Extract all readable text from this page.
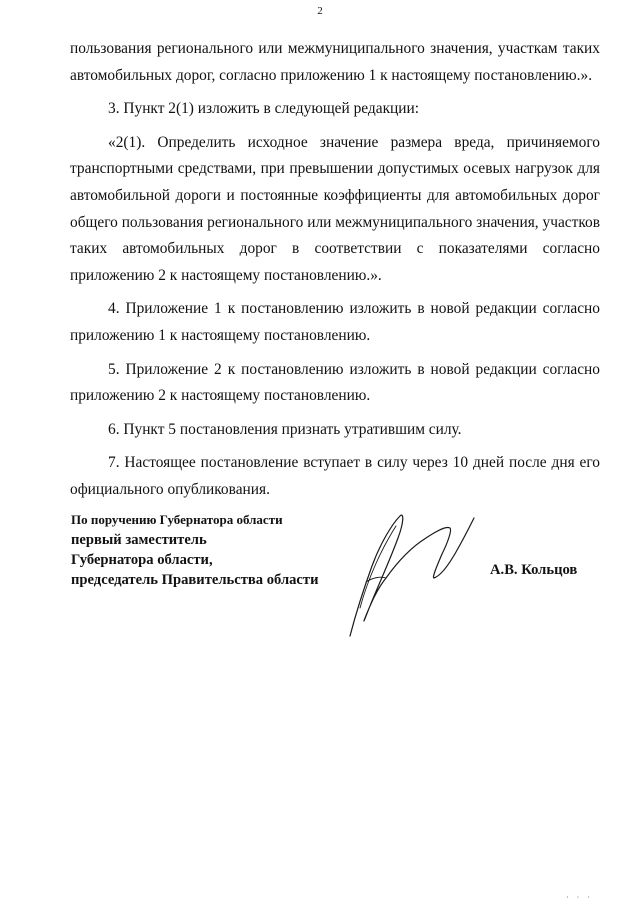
2

пользования регионального или межмуниципального значения, участкам таких автомобильных дорог, согласно приложению 1 к настоящему постановлению.».

3. Пункт 2(1) изложить в следующей редакции:

«2(1). Определить исходное значение размера вреда, причиняемого транспортными средствами, при превышении допустимых осевых нагрузок для автомобильной дороги и постоянные коэффициенты для автомобильных дорог общего пользования регионального или межмуниципального значения, участков таких автомобильных дорог в соответствии с показателями согласно приложению 2 к настоящему постановлению.».

4. Приложение 1 к постановлению изложить в новой редакции согласно приложению 1 к настоящему постановлению.

5. Приложение 2 к постановлению изложить в новой редакции согласно приложению 2 к настоящему постановлению.

6. Пункт 5 постановления признать утратившим силу.

7. Настоящее постановление вступает в силу через 10 дней после дня его официального опубликования.

По поручению Губернатора области
первый заместитель
Губернатора области,
председатель Правительства области
А.В. Кольцов
· · ·
